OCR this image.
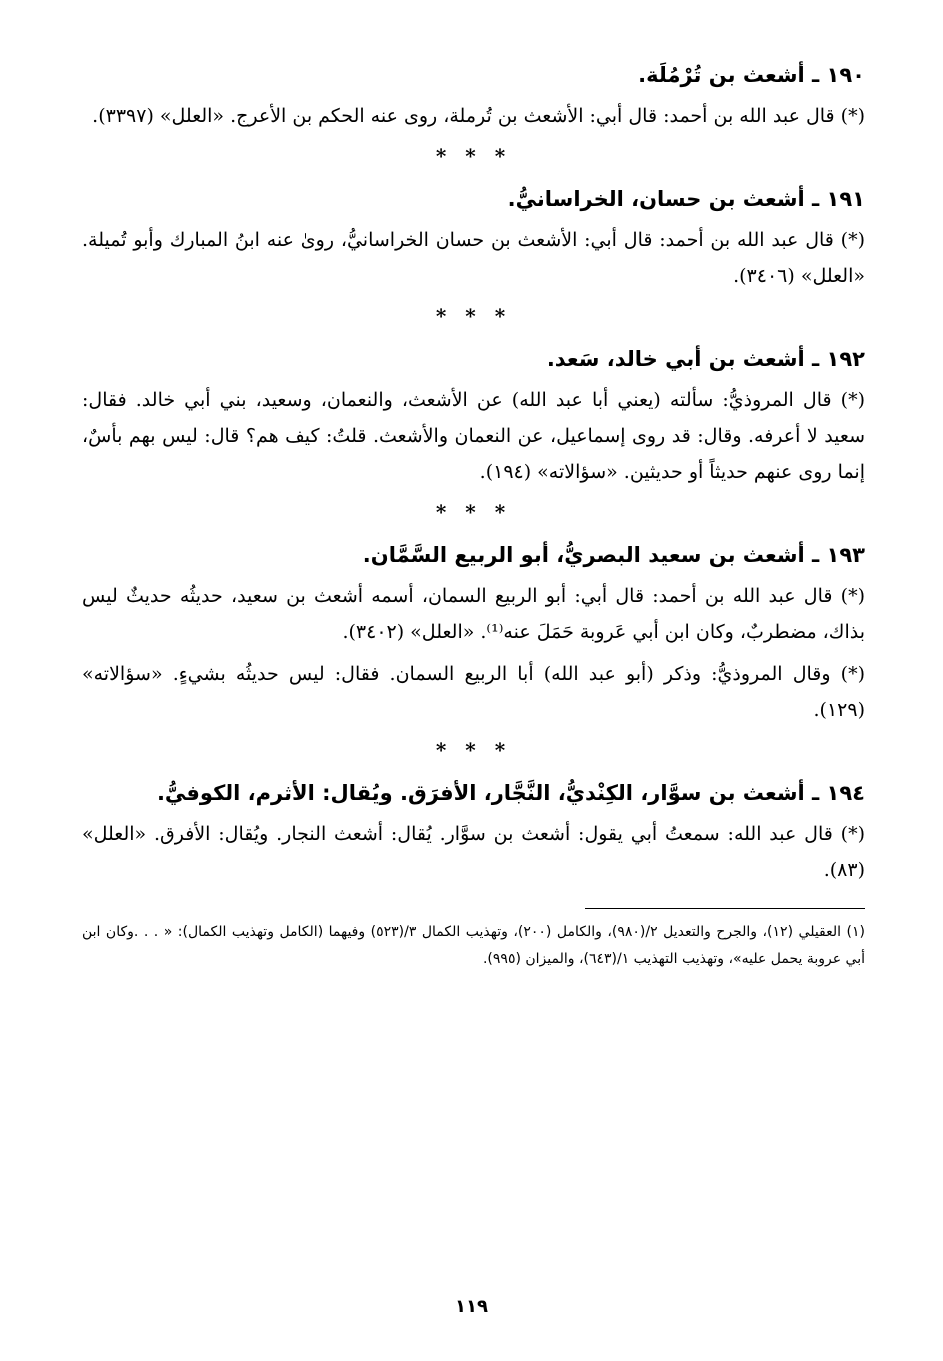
١٩٠ ـ أشعث بن تُرْمُلَة.

(*) قال عبد الله بن أحمد: قال أبي: الأشعث بن تُرملة، روى عنه الحكم بن الأعرج. «العلل» (٣٣٩٧).

* * *
١٩١ ـ أشعث بن حسان، الخراسانيُّ.

(*) قال عبد الله بن أحمد: قال أبي: الأشعث بن حسان الخراسانيُّ، روىٰ عنه ابنُ المبارك وأبو تُميلة. «العلل» (٣٤٠٦).

* * *
١٩٢ ـ أشعث بن أبي خالد، سَعد.

(*) قال المروذيُّ: سألته (يعني أبا عبد الله) عن الأشعث، والنعمان، وسعيد، بني أبي خالد. فقال: سعيد لا أعرفه. وقال: قد روى إسماعيل، عن النعمان والأشعث. قلتُ: كيف هم؟ قال: ليس بهم بأسٌ، إنما روى عنهم حديثاً أو حديثين. «سؤالاته» (١٩٤).

* * *
١٩٣ ـ أشعث بن سعيد البصريُّ، أبو الربيع السَّمَّان.

(*) قال عبد الله بن أحمد: قال أبي: أبو الربيع السمان، أسمه أشعث بن سعيد، حديثُه حديثٌ ليس بذاك، مضطربٌ، وكان ابن أبي عَروبة حَمَلَ عنه⁽¹⁾. «العلل» (٣٤٠٢).

(*) وقال المروذيُّ: وذكر (أبو عبد الله) أبا الربيع السمان. فقال: ليس حديثُه بشيءٍ. «سؤالاته» (١٢٩).

* * *
١٩٤ ـ أشعث بن سوَّار، الكِنْديُّ، النَّجَّار، الأفرَق. ويُقال: الأثرم، الكوفيُّ.

(*) قال عبد الله: سمعتُ أبي يقول: أشعث بن سوَّار. يُقال: أشعث النجار. ويُقال: الأفرق. «العلل» (٨٣).

(١) العقيلي (١٢)، والجرح والتعديل ٢/(٩٨٠)، والكامل (٢٠٠)، وتهذيب الكمال ٣/(٥٢٣) وفيهما (الكامل وتهذيب الكمال): « . . .وكان ابن أبي عروبة يحمل عليه»، وتهذيب التهذيب ١/(٦٤٣)، والميزان (٩٩٥).
١١٩
